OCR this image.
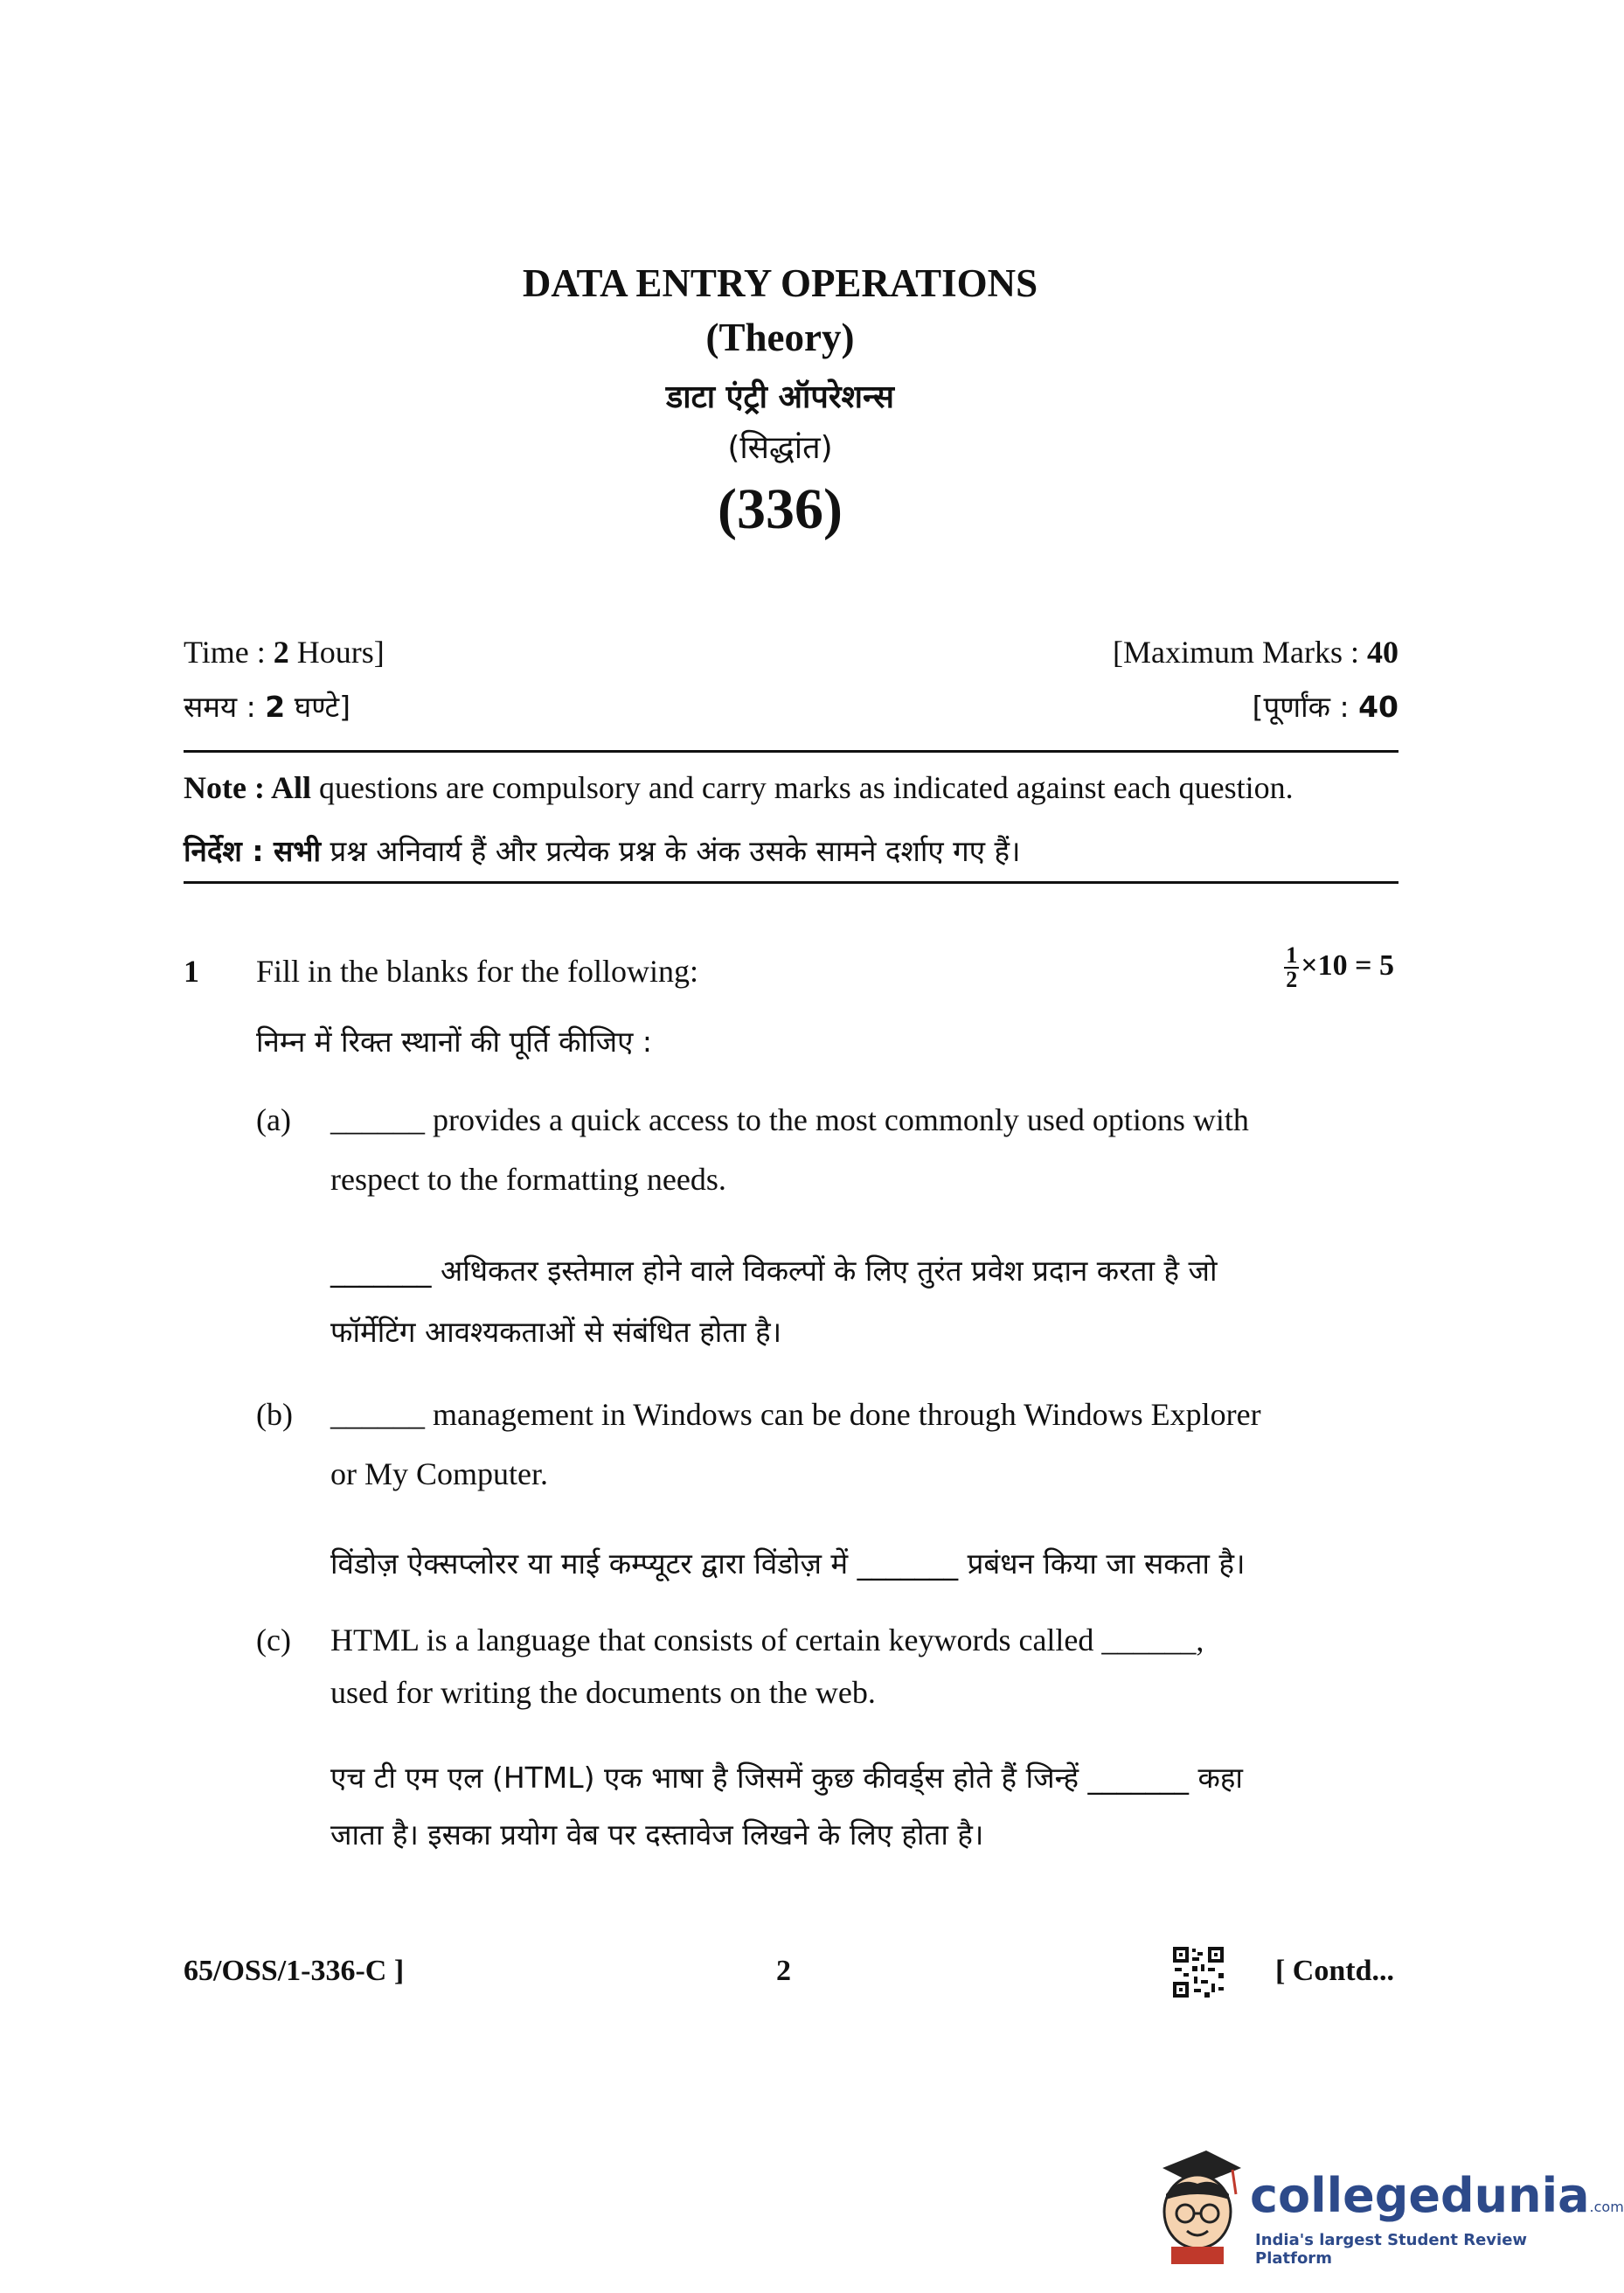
DATA ENTRY OPERATIONS
(Theory)
डाटा एंट्री ऑपरेशन्स
(सिद्धांत)
(336)
Time : 2 Hours]	[Maximum Marks : 40
समय : 2 घण्टे]	[पूर्णांक : 40
Note : All questions are compulsory and carry marks as indicated against each question.
निर्देश : सभी प्रश्न अनिवार्य हैं और प्रत्येक प्रश्न के अंक उसके सामने दर्शाए गए हैं।
1 Fill in the blanks for the following:	$\frac{1}{2} \times 10 = 5$
निम्न में रिक्त स्थानों की पूर्ति कीजिए :
(a) ______ provides a quick access to the most commonly used options with
respect to the formatting needs.
_______ अधिकतर इस्तेमाल होने वाले विकल्पों के लिए तुरंत प्रवेश प्रदान करता है जो
फॉर्मेटिंग आवश्यकताओं से संबंधित होता है।
(b) ______ management in Windows can be done through Windows Explorer
or My Computer.
विंडोज़ ऐक्सप्लोरर या माई कम्प्यूटर द्वारा विंडोज़ में _______ प्रबंधन किया जा सकता है।
(c) HTML is a language that consists of certain keywords called ______,
used for writing the documents on the web.
एच टी एम एल (HTML) एक भाषा है जिसमें कुछ कीवर्ड्स होते हैं जिन्हें _______ कहा
जाता है। इसका प्रयोग वेब पर दस्तावेज लिखने के लिए होता है।
65/OSS/1-336-C ]	2	[ Contd...
collegedunia.com
India's largest Student Review Platform
